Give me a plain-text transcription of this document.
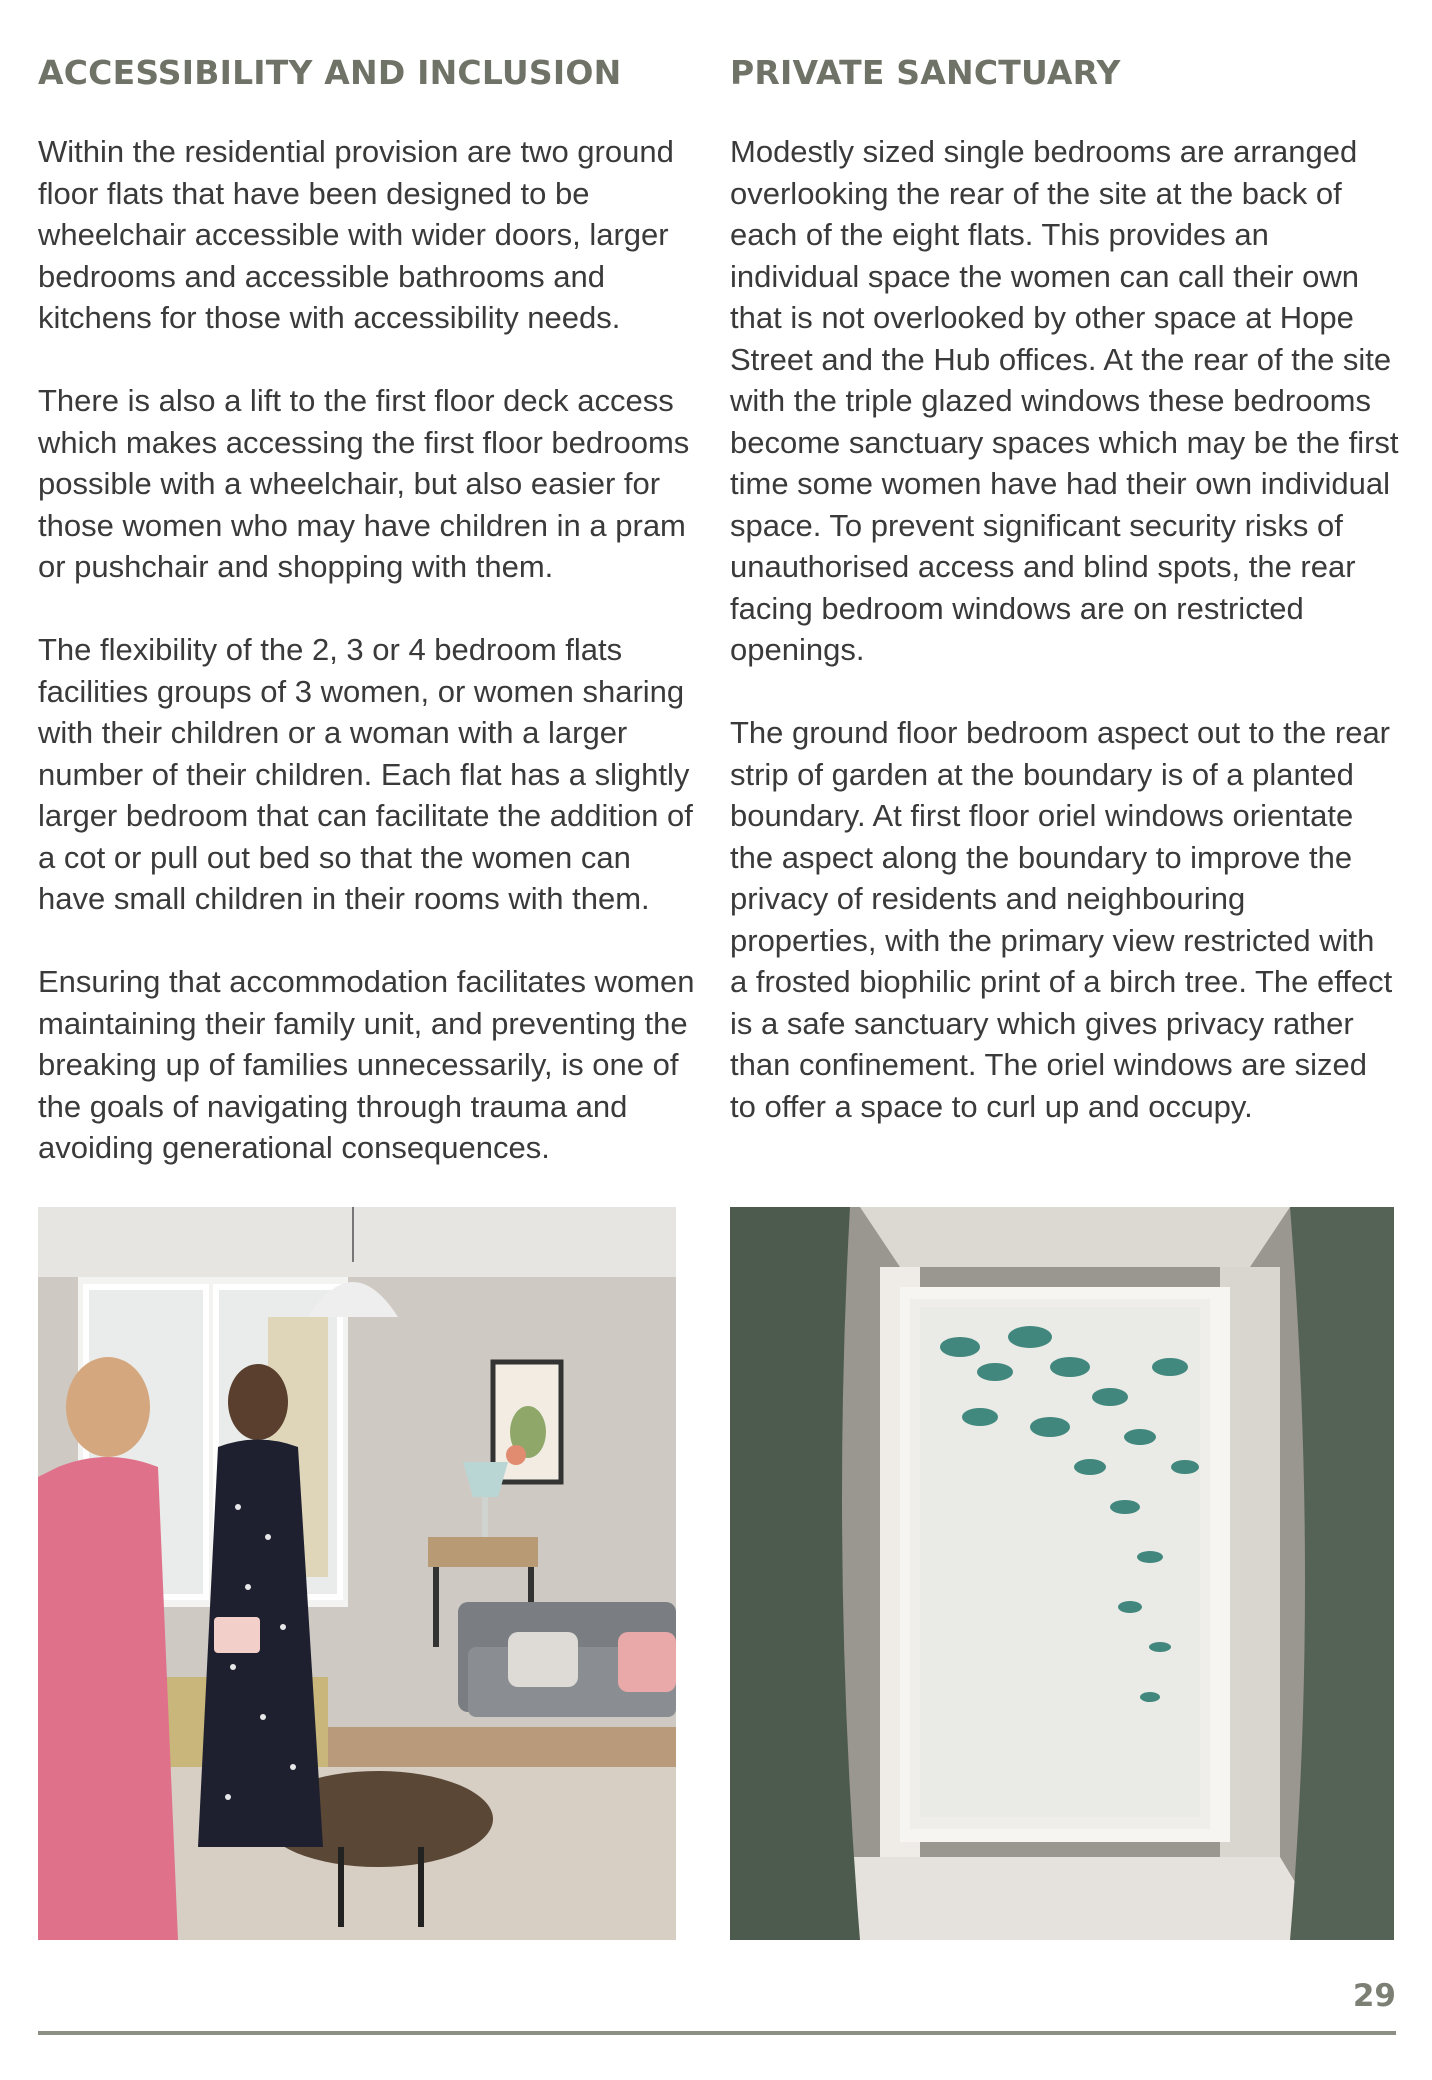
ACCESSIBILITY AND INCLUSION

Within the residential provision are two ground floor flats that have been designed to be wheelchair accessible with wider doors, larger bedrooms and accessible bathrooms and kitchens for those with accessibility needs.

There is also a lift to the first floor deck access which makes accessing the first floor bedrooms possible with a wheelchair, but also easier for those women who may have children in a pram or pushchair and shopping with them.

The flexibility of the 2, 3 or 4 bedroom flats facilities groups of 3 women, or women sharing with their children or a woman with a larger number of their children. Each flat has a slightly larger bedroom that can facilitate the addition of a cot or pull out bed so that the women can have small children in their rooms with them.

Ensuring that accommodation facilitates women maintaining their family unit, and preventing the breaking up of families unnecessarily, is one of the goals of navigating through trauma and avoiding generational consequences.

PRIVATE SANCTUARY

Modestly sized single bedrooms are arranged overlooking the rear of the site at the back of each of the eight flats. This provides an individual space the women can call their own that is not overlooked by other space at Hope Street and the Hub offices. At the rear of the site with the triple glazed windows these bedrooms become sanctuary spaces which may be the first time some women have had their own individual space. To prevent significant security risks of unauthorised access and blind spots, the rear facing bedroom windows are on restricted openings.

The ground floor bedroom aspect out to the rear strip of garden at the boundary is of a planted boundary. At first floor oriel windows orientate the aspect along the boundary to improve the privacy of residents and neighbouring properties, with the primary view restricted with a frosted biophilic print of a birch tree. The effect is a safe sanctuary which gives privacy rather than confinement. The oriel windows are sized to offer a space to curl up and occupy.

29
